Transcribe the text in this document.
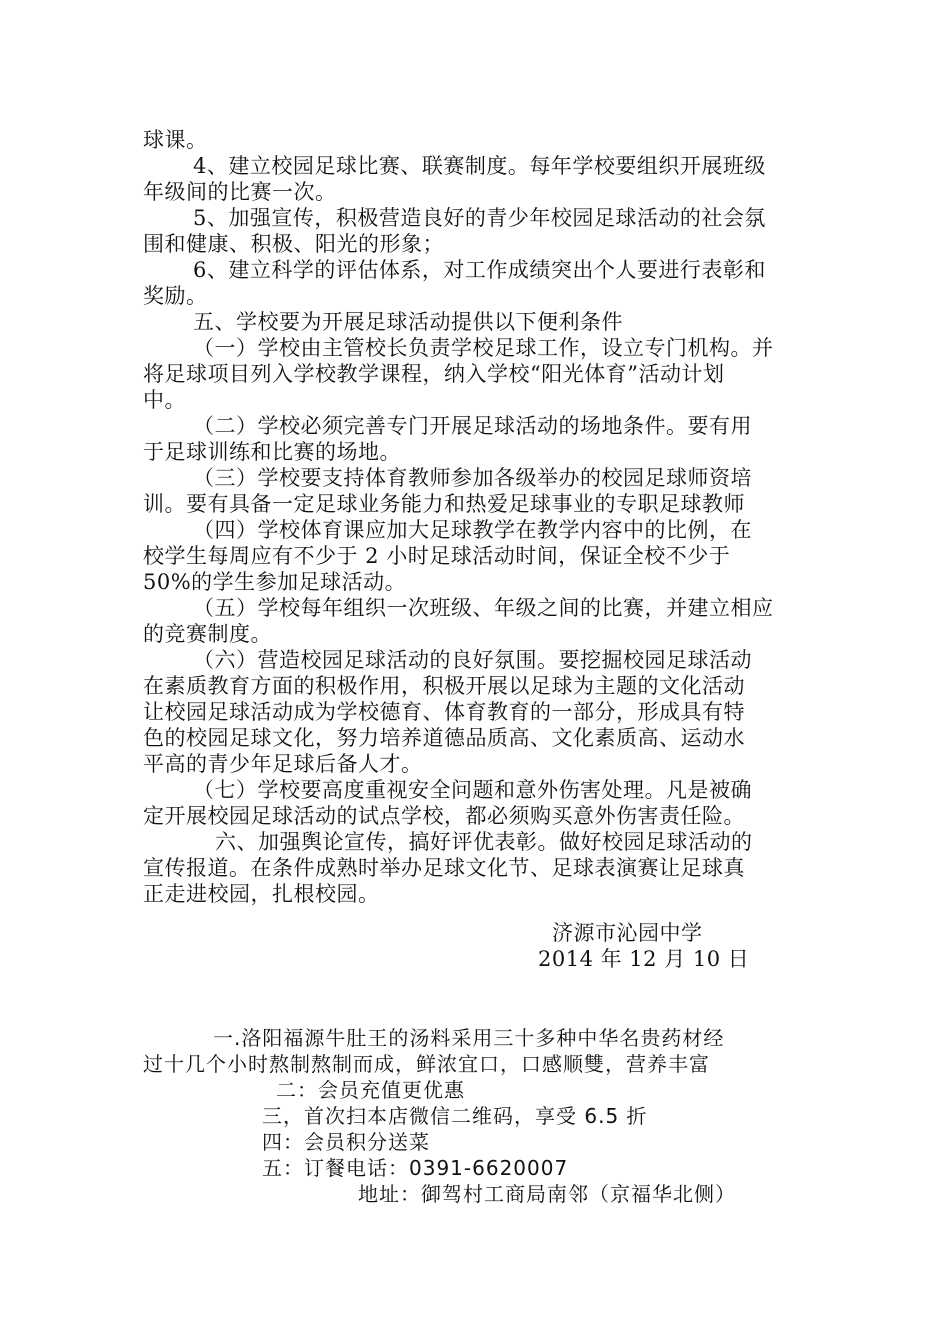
球课。
4、建立校园足球比赛、联赛制度。每年学校要组织开展班级
年级间的比赛一次。
5、加强宣传，积极营造良好的青少年校园足球活动的社会氛
围和健康、积极、阳光的形象；
6、建立科学的评估体系，对工作成绩突出个人要进行表彰和
奖励。
五、学校要为开展足球活动提供以下便利条件
（一）学校由主管校长负责学校足球工作，设立专门机构。并
将足球项目列入学校教学课程，纳入学校“阳光体育”活动计划
中。
（二）学校必须完善专门开展足球活动的场地条件。要有用
于足球训练和比赛的场地。
（三）学校要支持体育教师参加各级举办的校园足球师资培
训。要有具备一定足球业务能力和热爱足球事业的专职足球教师
（四）学校体育课应加大足球教学在教学内容中的比例，在
校学生每周应有不少于 2 小时足球活动时间，保证全校不少于
50%的学生参加足球活动。
（五）学校每年组织一次班级、年级之间的比赛，并建立相应
的竞赛制度。
（六）营造校园足球活动的良好氛围。要挖掘校园足球活动
在素质教育方面的积极作用，积极开展以足球为主题的文化活动
让校园足球活动成为学校德育、体育教育的一部分，形成具有特
色的校园足球文化，努力培养道德品质高、文化素质高、运动水
平高的青少年足球后备人才。
（七）学校要高度重视安全问题和意外伤害处理。凡是被确
定开展校园足球活动的试点学校，都必须购买意外伤害责任险。
六、加强舆论宣传，搞好评优表彰。做好校园足球活动的
宣传报道。在条件成熟时举办足球文化节、足球表演赛让足球真
正走进校园，扎根校园。
济源市沁园中学
2014 年 12 月 10 日
一.洛阳福源牛肚王的汤料采用三十多种中华名贵药材经
过十几个小时熬制熬制而成，鲜浓宜口，口感顺雙，营养丰富
二：会员充值更优惠
三，首次扫本店微信二维码，享受 6.5 折
四：会员积分送菜
五：订餐电话：0391-6620007
地址：御驾村工商局南邻（京福华北侧）
